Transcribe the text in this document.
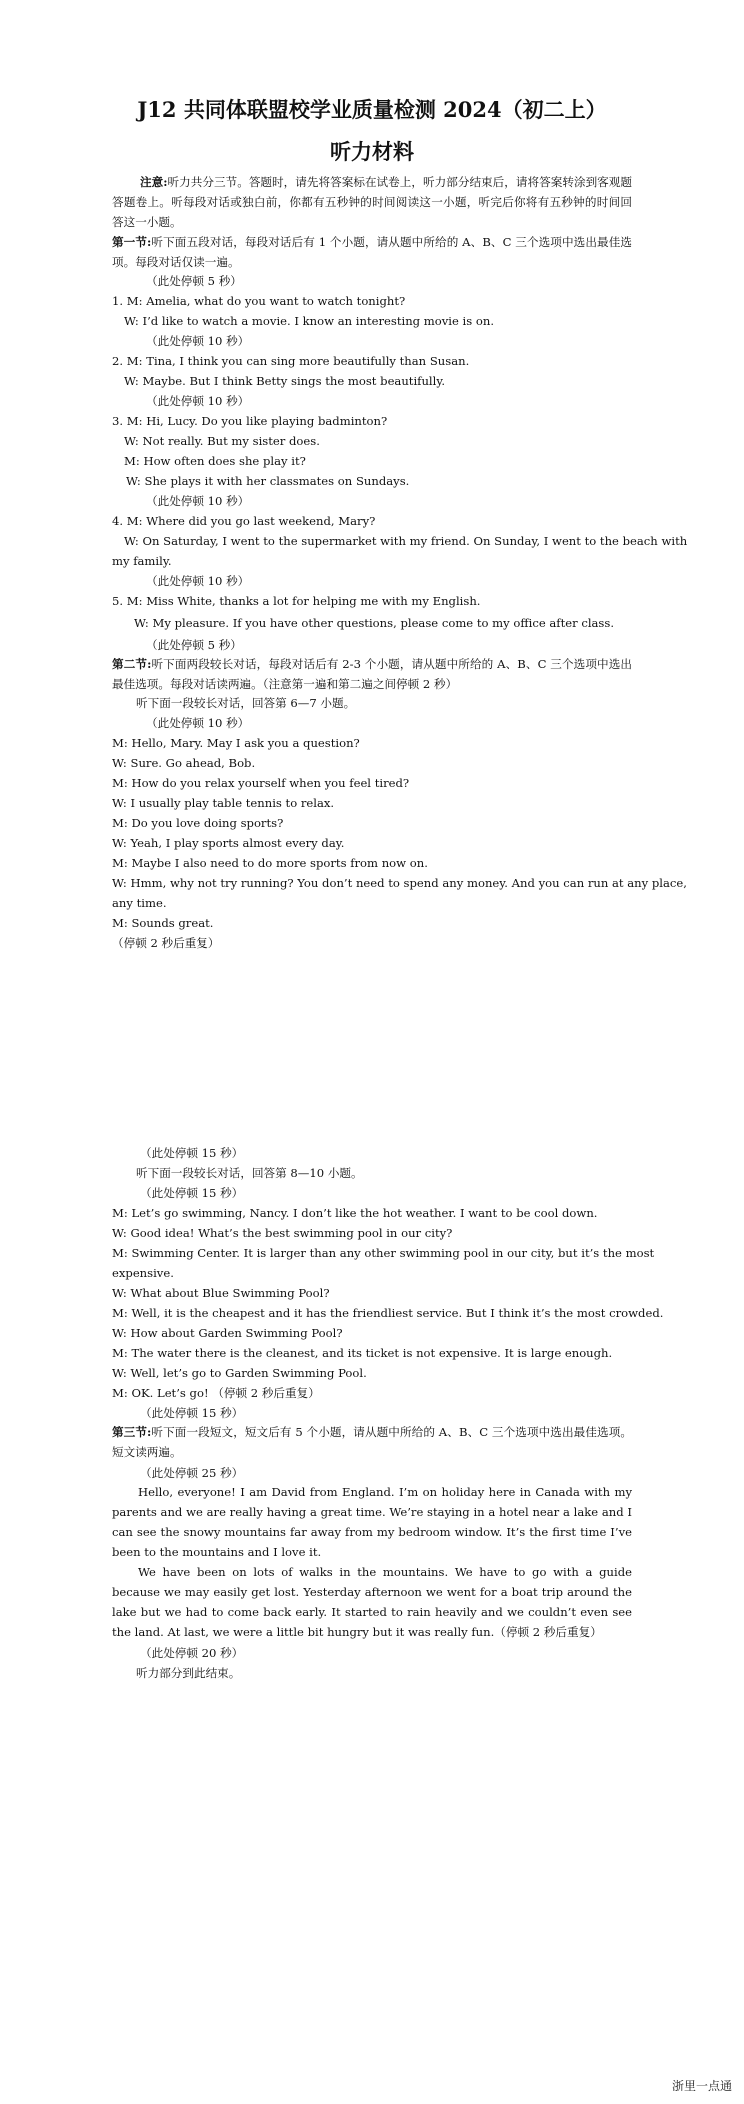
J12 共同体联盟校学业质量检测 2024（初二上）
听力材料
注意:听力共分三节。答题时，请先将答案标在试卷上，听力部分结束后，请将答案转涂到客观题答题卷上。听每段对话或独白前，你都有五秒钟的时间阅读这一小题，听完后你将有五秒钟的时间回答这一小题。
第一节:听下面五段对话，每段对话后有 1 个小题，请从题中所给的 A、B、C 三个选项中选出最佳选项。每段对话仅读一遍。
（此处停顿 5 秒）
1. M: Amelia, what do you want to watch tonight?
W: I’d like to watch a movie. I know an interesting movie is on.
（此处停顿 10 秒）
2. M: Tina, I think you can sing more beautifully than Susan.
W: Maybe. But I think Betty sings the most beautifully.
（此处停顿 10 秒）
3. M: Hi, Lucy. Do you like playing badminton?
W: Not really. But my sister does.
M: How often does she play it?
W: She plays it with her classmates on Sundays.
（此处停顿 10 秒）
4. M: Where did you go last weekend, Mary?
W: On Saturday, I went to the supermarket with my friend. On Sunday, I went to the beach with
my family.
（此处停顿 10 秒）
5. M: Miss White, thanks a lot for helping me with my English.
W: My pleasure. If you have other questions, please come to my office after class.
（此处停顿 5 秒）
第二节:听下面两段较长对话，每段对话后有 2-3 个小题，请从题中所给的 A、B、C 三个选项中选出最佳选项。每段对话读两遍。（注意第一遍和第二遍之间停顿 2 秒）
听下面一段较长对话，回答第 6—7 小题。
（此处停顿 10 秒）
M: Hello, Mary. May I ask you a question?
W: Sure. Go ahead, Bob.
M: How do you relax yourself when you feel tired?
W: I usually play table tennis to relax.
M: Do you love doing sports?
W: Yeah, I play sports almost every day.
M: Maybe I also need to do more sports from now on.
W: Hmm, why not try running? You don’t need to spend any money. And you can run at any place,
any time.
M: Sounds great.
（停顿 2 秒后重复）
（此处停顿 15 秒）
听下面一段较长对话，回答第 8—10 小题。
（此处停顿 15 秒）
M: Let’s go swimming, Nancy. I don’t like the hot weather. I want to be cool down.
W: Good idea! What’s the best swimming pool in our city?
M: Swimming Center. It is larger than any other swimming pool in our city, but it’s the most
expensive.
W: What about Blue Swimming Pool?
M: Well, it is the cheapest and it has the friendliest service. But I think it’s the most crowded.
W: How about Garden Swimming Pool?
M: The water there is the cleanest, and its ticket is not expensive. It is large enough.
W: Well, let’s go to Garden Swimming Pool.
M: OK. Let’s go! （停顿 2 秒后重复）
（此处停顿 15 秒）
第三节:听下面一段短文，短文后有 5 个小题，请从题中所给的 A、B、C 三个选项中选出最佳选项。短文读两遍。
（此处停顿 25 秒）
Hello, everyone! I am David from England. I’m on holiday here in Canada with my parents and we are really having a great time. We’re staying in a hotel near a lake and I can see the snowy mountains far away from my bedroom window. It’s the first time I’ve been to the mountains and I love it.
We have been on lots of walks in the mountains. We have to go with a guide because we may easily get lost. Yesterday afternoon we went for a boat trip around the lake but we had to come back early. It started to rain heavily and we couldn’t even see the land. At last, we were a little bit hungry but it was really fun.（停顿 2 秒后重复）
（此处停顿 20 秒）
听力部分到此结束。
浙里一点通
